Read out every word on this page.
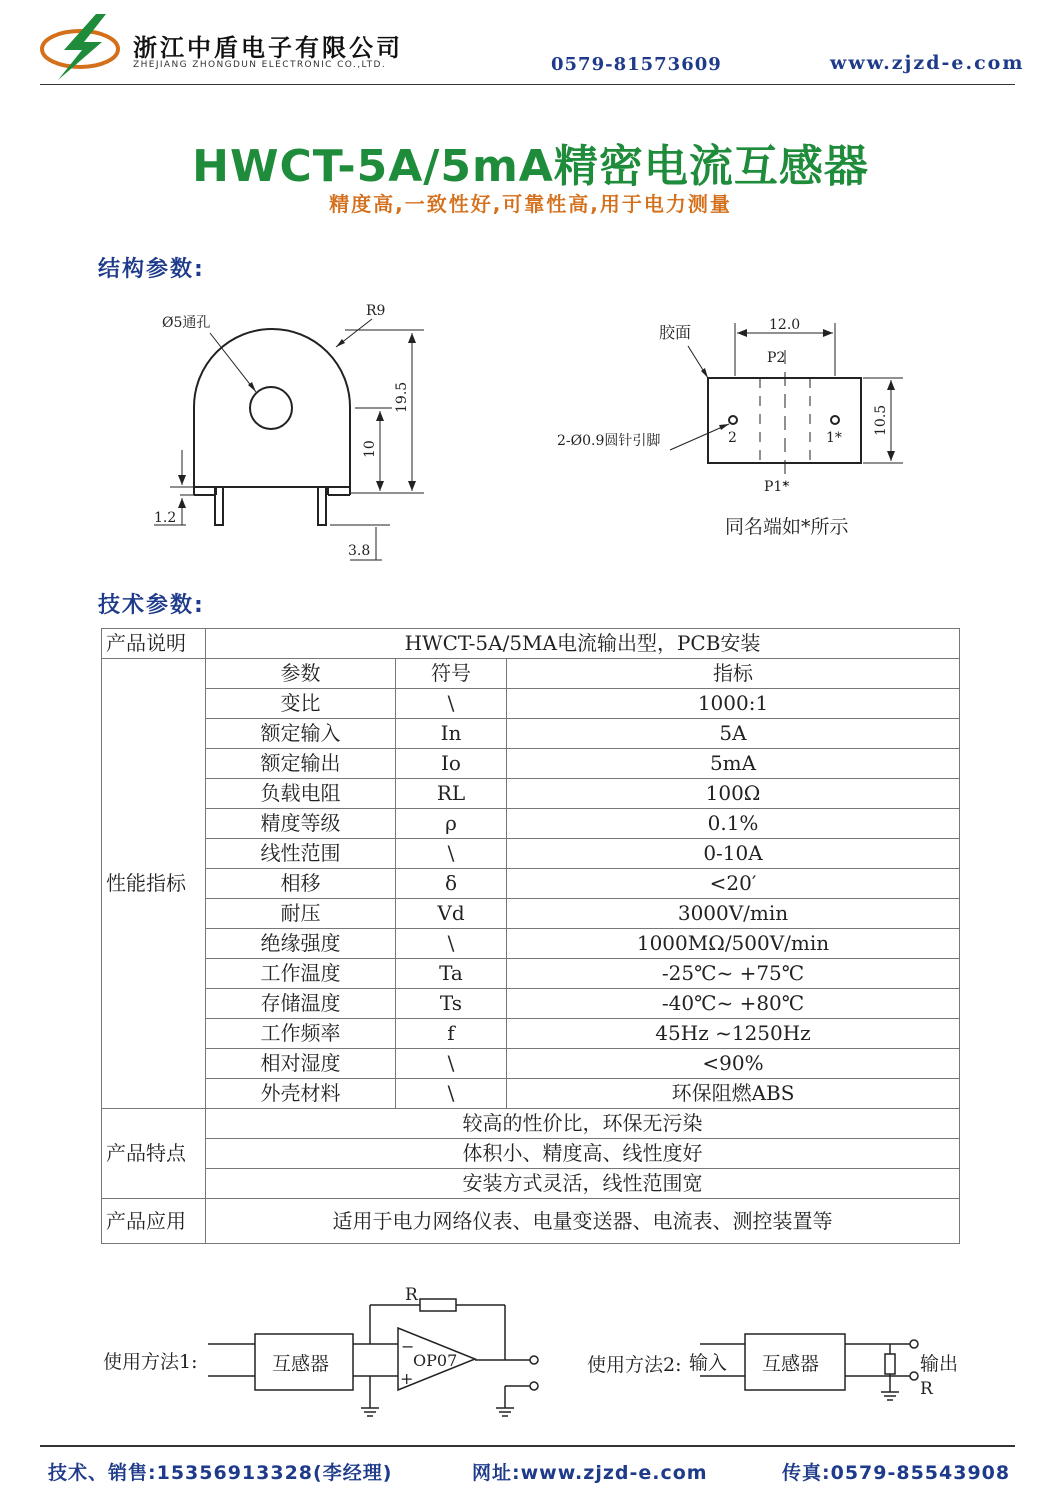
浙江中盾电子有限公司
ZHEJIANG ZHONGDUN ELECTRONIC CO.,LTD.	0579-81573609	www.zjzd-e.com
HWCT-5A/5mA精密电流互感器
精度高,一致性好,可靠性高,用于电力测量
结构参数:
Ø5通孔
R9
19.5
10
1.2
3.8
胶面	12.0
P2
P1*
10.5
2-Ø0.9圆针引脚	2	1*
同名端如*所示
技术参数:
产品说明	HWCT-5A/5MA电流输出型，PCB安装		
性能指标	参数	符号	指标
	变比	\	1000:1
	额定输入	In	5A
	额定输出	Io	5mA
	负载电阻	RL	100Ω
	精度等级	ρ	0.1%
	线性范围	\	0-10A
	相移	δ	<20′
	耐压	Vd	3000V/min
	绝缘强度	\	1000MΩ/500V/min
	工作温度	Ta	-25℃~ +75℃
	存储温度	Ts	-40℃~ +80℃
	工作频率	f	45Hz ~1250Hz
	相对湿度	\	<90%
	外壳材料	\	环保阻燃ABS
产品特点	较高的性价比，环保无污染		
	体积小、精度高、线性度好		
	安装方式灵活，线性范围宽		
产品应用	适用于电力网络仪表、电量变送器、电流表、测控装置等		
使用方法1:	互感器
R
OP07
−
+
使用方法2: 输入 互感器	输出
R
技术、销售:15356913328(李经理)	网址:www.zjzd-e.com	传真:0579-85543908
